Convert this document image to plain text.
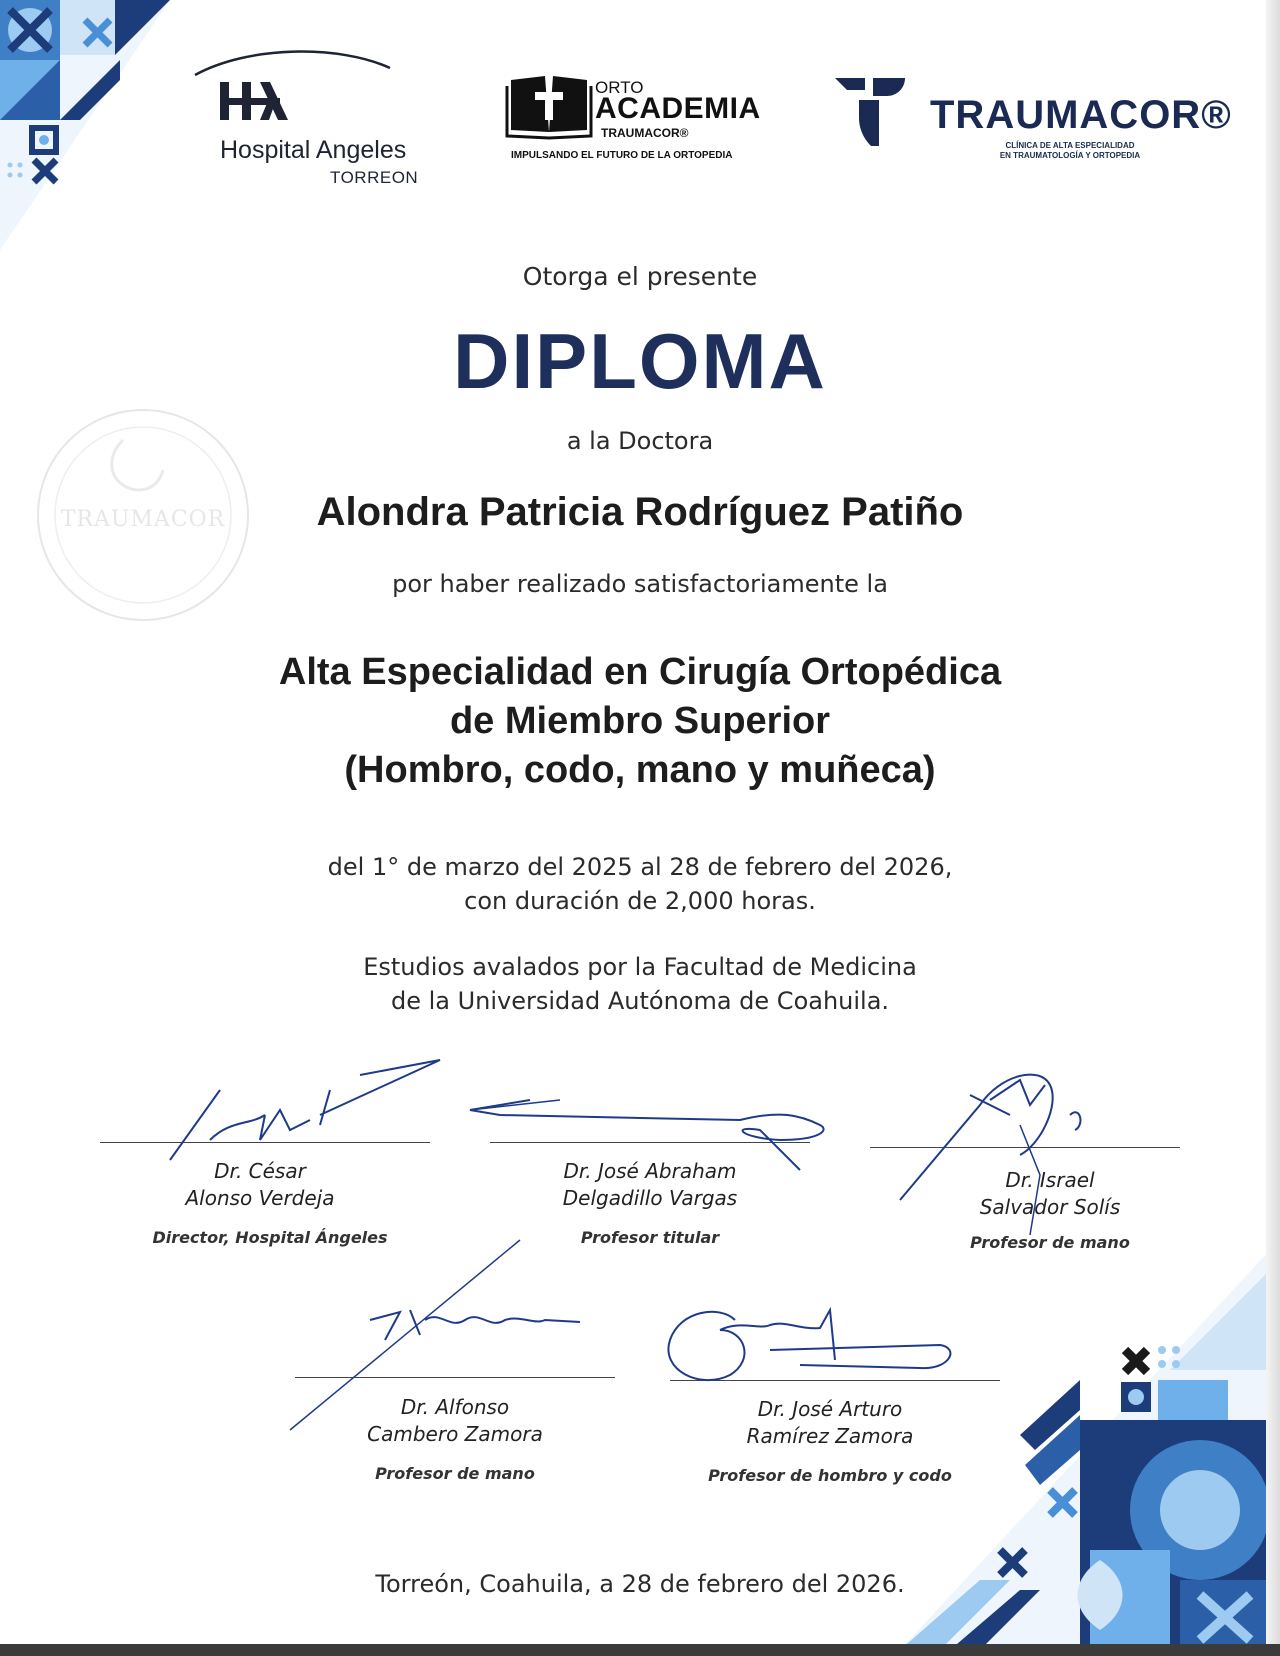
Hospital Angeles
TORREON
ORTO
ACADEMIA
TRAUMACOR®
IMPULSANDO EL FUTURO DE LA ORTOPEDIA
TRAUMACOR®
CLÍNICA DE ALTA ESPECIALIDAD
EN TRAUMATOLOGÍA Y ORTOPEDIA
TRAUMACOR
Otorga el presente
DIPLOMA
a la Doctora
Alondra Patricia Rodríguez Patiño
por haber realizado satisfactoriamente la
Alta Especialidad en Cirugía Ortopédica
de Miembro Superior
(Hombro, codo, mano y muñeca)
del 1° de marzo del 2025 al 28 de febrero del 2026,
con duración de 2,000 horas.
Estudios avalados por la Facultad de Medicina
de la Universidad Autónoma de Coahuila.
Dr. César
Alonso Verdeja
Director, Hospital Ángeles
Dr. José Abraham
Delgadillo Vargas
Profesor titular
Dr. Israel
Salvador Solís
Profesor de mano
Dr. Alfonso
Cambero Zamora
Profesor de mano
Dr. José Arturo
Ramírez Zamora
Profesor de hombro y codo
Torreón, Coahuila, a 28 de febrero del 2026.
